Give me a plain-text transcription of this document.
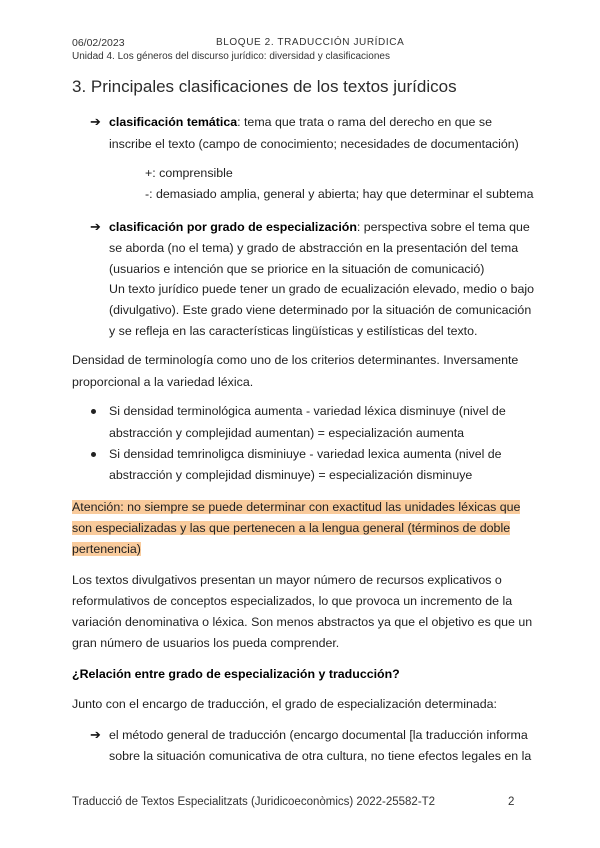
06/02/2023	BLOQUE 2. TRADUCCIÓN JURÍDICA
Unidad 4. Los géneros del discurso jurídico: diversidad y clasificaciones
3. Principales clasificaciones de los textos jurídicos
➔ clasificación temática: tema que trata o rama del derecho en que se
inscribe el texto (campo de conocimiento; necesidades de documentación)
+: comprensible
-: demasiado amplia, general y abierta; hay que determinar el subtema
➔ clasificación por grado de especialización: perspectiva sobre el tema que
se aborda (no el tema) y grado de abstracción en la presentación del tema
(usuarios e intención que se priorice en la situación de comunicació)
Un texto jurídico puede tener un grado de ecualización elevado, medio o bajo
(divulgativo). Este grado viene determinado por la situación de comunicación
y se refleja en las características lingüísticas y estilísticas del texto.
Densidad de terminología como uno de los criterios determinantes. Inversamente
proporcional a la variedad léxica.
Si densidad terminológica aumenta - variedad léxica disminuye (nivel de
abstracción y complejidad aumentan) = especialización aumenta
Si densidad temrinoligca disminiuye - variedad lexica aumenta (nivel de
abstracción y complejidad disminuye) = especialización disminuye
Atención: no siempre se puede determinar con exactitud las unidades léxicas que
son especializadas y las que pertenecen a la lengua general (términos de doble
pertenencia)
Los textos divulgativos presentan un mayor número de recursos explicativos o
reformulativos de conceptos especializados, lo que provoca un incremento de la
variación denominativa o léxica. Son menos abstractos ya que el objetivo es que un
gran número de usuarios los pueda comprender.
¿Relación entre grado de especialización y traducción?
Junto con el encargo de traducción, el grado de especialización determinada:
➔ el método general de traducción (encargo documental [la traducción informa
sobre la situación comunicativa de otra cultura, no tiene efectos legales en la
Traducció de Textos Especialitzats (Juridicoeconòmics) 2022-25582-T2	2
